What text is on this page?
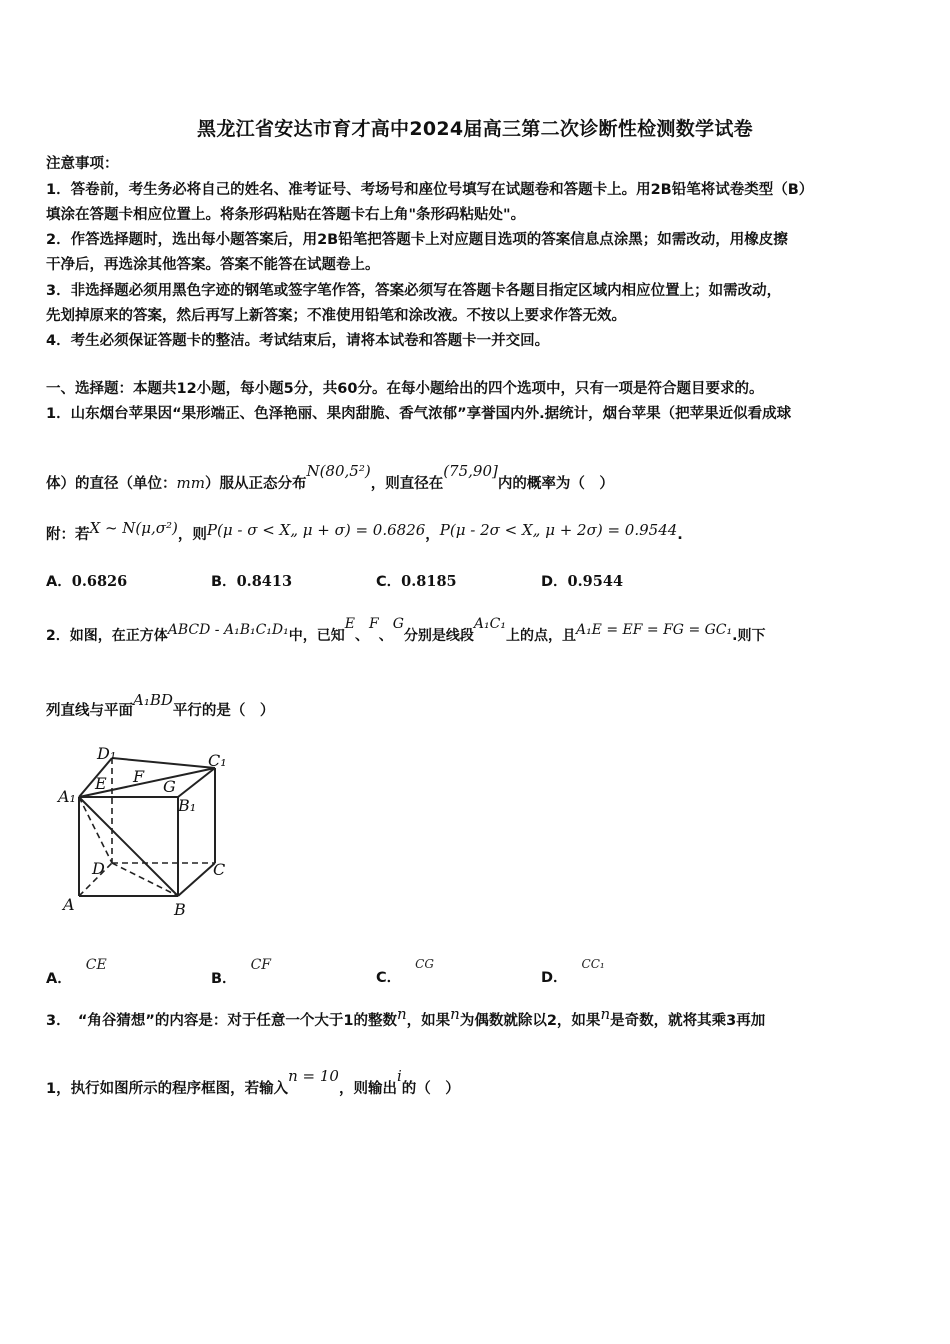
黑龙江省安达市育才高中2024届高三第二次诊断性检测数学试卷
注意事项：
1．答卷前，考生务必将自己的姓名、准考证号、考场号和座位号填写在试题卷和答题卡上。用2B铅笔将试卷类型（B）
填涂在答题卡相应位置上。将条形码粘贴在答题卡右上角"条形码粘贴处"。
2．作答选择题时，选出每小题答案后，用2B铅笔把答题卡上对应题目选项的答案信息点涂黑；如需改动，用橡皮擦
干净后，再选涂其他答案。答案不能答在试题卷上。
3．非选择题必须用黑色字迹的钢笔或签字笔作答，答案必须写在答题卡各题目指定区域内相应位置上；如需改动，
先划掉原来的答案，然后再写上新答案；不准使用铅笔和涂改液。不按以上要求作答无效。
4．考生必须保证答题卡的整洁。考试结束后，请将本试卷和答题卡一并交回。
一、选择题：本题共12小题，每小题5分，共60分。在每小题给出的四个选项中，只有一项是符合题目要求的。
1．山东烟台苹果因“果形端正、色泽艳丽、果肉甜脆、香气浓郁”享誉国内外.据统计，烟台苹果（把苹果近似看成球
体）的直径（单位：mm）服从正态分布N(80,5²)，则直径在(75,90]内的概率为（　）
附：若X ~ N(μ,σ²)，则P(μ - σ < X„ μ + σ) = 0.6826，P(μ - 2σ < X„ μ + 2σ) = 0.9544.
A．0.6826	B．0.8413	C．0.8185	D．0.9544
2．如图，在正方体ABCD - A₁B₁C₁D₁中，已知E、F、G分别是线段A₁C₁上的点，且A₁E = EF = FG = GC₁.则下
列直线与平面A₁BD平行的是（　）
D₁	C₁
A₁	B₁
E F
G
D	C
A	B
A．CE
B．CF
C．CG
D．CC₁
3．　“角谷猜想”的内容是：对于任意一个大于1的整数n，如果n为偶数就除以2，如果n是奇数，就将其乘3再加
1，执行如图所示的程序框图，若输入n = 10，则输出i的（　）
